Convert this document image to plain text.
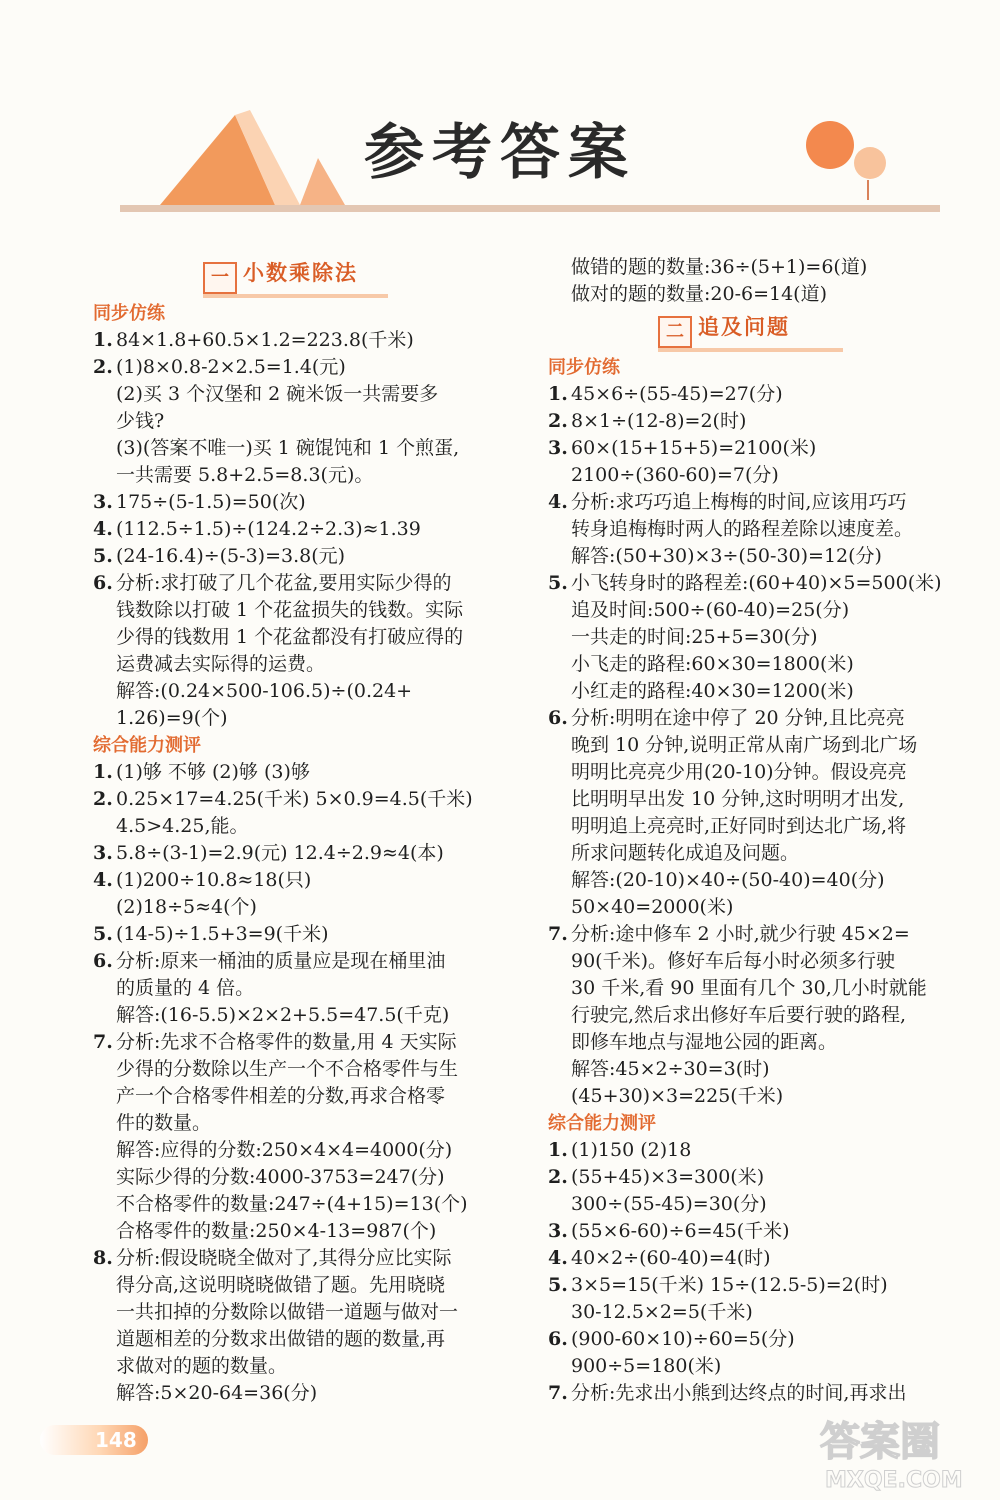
参考答案
一 小数乘除法
同步仿练
1. 84×1.8+60.5×1.2=223.8(千米)
2. (1)8×0.8-2×2.5=1.4(元)
(2)买 3 个汉堡和 2 碗米饭一共需要多
少钱?
(3)(答案不唯一)买 1 碗馄饨和 1 个煎蛋,
一共需要 5.8+2.5=8.3(元)。
3. 175÷(5-1.5)=50(次)
4. (112.5÷1.5)÷(124.2÷2.3)≈1.39
5. (24-16.4)÷(5-3)=3.8(元)
6. 分析:求打破了几个花盆,要用实际少得的
钱数除以打破 1 个花盆损失的钱数。实际
少得的钱数用 1 个花盆都没有打破应得的
运费减去实际得的运费。
解答:(0.24×500-106.5)÷(0.24+
1.26)=9(个)
综合能力测评
1. (1)够 不够 (2)够 (3)够
2. 0.25×17=4.25(千米) 5×0.9=4.5(千米)
4.5>4.25,能。
3. 5.8÷(3-1)=2.9(元) 12.4÷2.9≈4(本)
4. (1)200÷10.8≈18(只)
(2)18÷5≈4(个)
5. (14-5)÷1.5+3=9(千米)
6. 分析:原来一桶油的质量应是现在桶里油
的质量的 4 倍。
解答:(16-5.5)×2×2+5.5=47.5(千克)
7. 分析:先求不合格零件的数量,用 4 天实际
少得的分数除以生产一个不合格零件与生
产一个合格零件相差的分数,再求合格零
件的数量。
解答:应得的分数:250×4×4=4000(分)
实际少得的分数:4000-3753=247(分)
不合格零件的数量:247÷(4+15)=13(个)
合格零件的数量:250×4-13=987(个)
8. 分析:假设晓晓全做对了,其得分应比实际
得分高,这说明晓晓做错了题。先用晓晓
一共扣掉的分数除以做错一道题与做对一
道题相差的分数求出做错的题的数量,再
求做对的题的数量。
解答:5×20-64=36(分)
做错的题的数量:36÷(5+1)=6(道)
做对的题的数量:20-6=14(道)
二 追及问题
同步仿练
1. 45×6÷(55-45)=27(分)
2. 8×1÷(12-8)=2(时)
3. 60×(15+15+5)=2100(米)
2100÷(360-60)=7(分)
4. 分析:求巧巧追上梅梅的时间,应该用巧巧
转身追梅梅时两人的路程差除以速度差。
解答:(50+30)×3÷(50-30)=12(分)
5. 小飞转身时的路程差:(60+40)×5=500(米)
追及时间:500÷(60-40)=25(分)
一共走的时间:25+5=30(分)
小飞走的路程:60×30=1800(米)
小红走的路程:40×30=1200(米)
6. 分析:明明在途中停了 20 分钟,且比亮亮
晚到 10 分钟,说明正常从南广场到北广场
明明比亮亮少用(20-10)分钟。假设亮亮
比明明早出发 10 分钟,这时明明才出发,
明明追上亮亮时,正好同时到达北广场,将
所求问题转化成追及问题。
解答:(20-10)×40÷(50-40)=40(分)
50×40=2000(米)
7. 分析:途中修车 2 小时,就少行驶 45×2=
90(千米)。修好车后每小时必须多行驶
30 千米,看 90 里面有几个 30,几小时就能
行驶完,然后求出修好车后要行驶的路程,
即修车地点与湿地公园的距离。
解答:45×2÷30=3(时)
(45+30)×3=225(千米)
综合能力测评
1. (1)150 (2)18
2. (55+45)×3=300(米)
300÷(55-45)=30(分)
3. (55×6-60)÷6=45(千米)
4. 40×2÷(60-40)=4(时)
5. 3×5=15(千米) 15÷(12.5-5)=2(时)
30-12.5×2=5(千米)
6. (900-60×10)÷60=5(分)
900÷5=180(米)
7. 分析:先求出小熊到达终点的时间,再求出
148	答案圈
MXQE.COM
